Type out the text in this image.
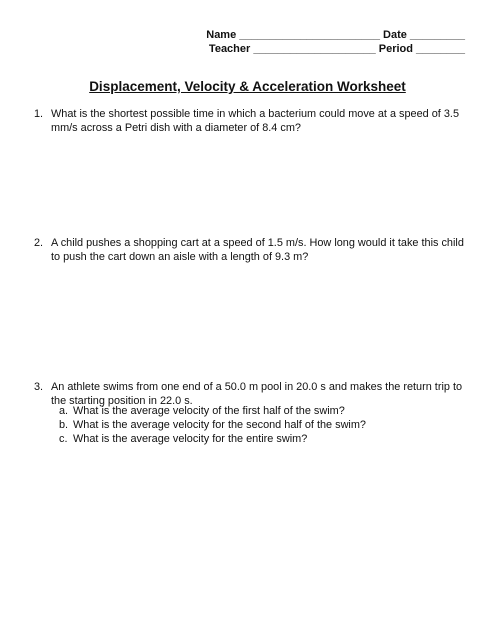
Name _______________________ Date _________
Teacher ____________________ Period ________
Displacement, Velocity & Acceleration Worksheet
1. What is the shortest possible time in which a bacterium could move at a speed of 3.5 mm/s across a Petri dish with a diameter of 8.4 cm?
2. A child pushes a shopping cart at a speed of 1.5 m/s. How long would it take this child to push the cart down an aisle with a length of 9.3 m?
3. An athlete swims from one end of a 50.0 m pool in 20.0 s and makes the return trip to the starting position in 22.0 s.
a. What is the average velocity of the first half of the swim?
b. What is the average velocity for the second half of the swim?
c. What is the average velocity for the entire swim?
